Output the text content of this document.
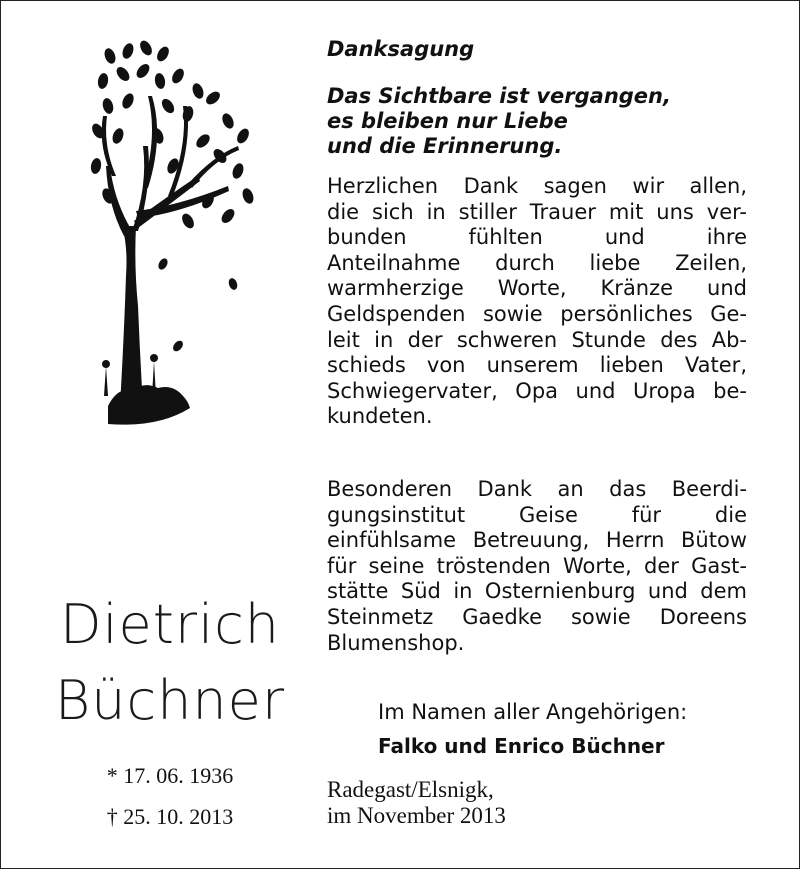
Dietrich
Büchner
* 17. 06. 1936
† 25. 10. 2013
Danksagung
Das Sichtbare ist vergangen,
es bleiben nur Liebe
und die Erinnerung.
Herzlichen Dank sagen wir allen,
die sich in stiller Trauer mit uns ver-
bunden fühlten und ihre
Anteilnahme durch liebe Zeilen,
warmherzige Worte, Kränze und
Geldspenden sowie persönliches Ge-
leit in der schweren Stunde des Ab-
schieds von unserem lieben Vater,
Schwiegervater, Opa und Uropa be-
kundeten.
Besonderen Dank an das Beerdi-
gungsinstitut Geise für die
einfühlsame Betreuung, Herrn Bütow
für seine tröstenden Worte, der Gast-
stätte Süd in Osternienburg und dem
Steinmetz Gaedke sowie Doreens
Blumenshop.
Im Namen aller Angehörigen:
Falko und Enrico Büchner
Radegast/Elsnigk,
im November 2013
